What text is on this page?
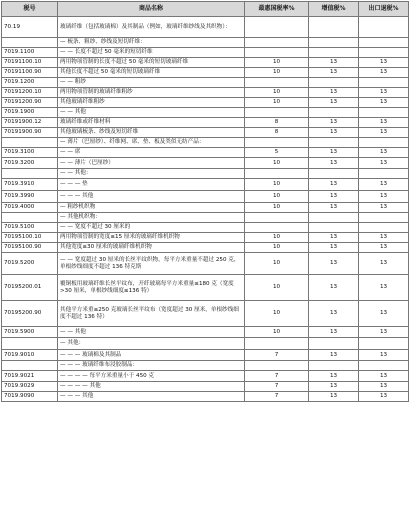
税号	商品名称	最惠国税率%	增值税%	出口退税%
70.19	玻璃纤维（包括玻璃棉）及其制品（例如，玻璃纤维纱线及其织物）：			
	— 梳条、粗纱、纱线及短切纤维：			
7019.1100	— — 长度不超过 50 毫米的短切纤维			
70191100.10	两用物项管制的长度不超过 50 毫米的短切玻璃纤维	10	13	13
70191100.90	其他长度不超过 50 毫米的短切玻璃纤维	10	13	13
7019.1200	— — 粗纱			
70191200.10	两用物项管制的玻璃纤维粗纱	10	13	13
70191200.90	其他玻璃纤维粗纱	10	13	13
7019.1900	— — 其他			
70191900.12	玻璃纤维或纤维材料	8	13	13
70191900.90	其他玻璃梳条、纱线及短切纤维	8	13	13
	— 薄片（巴厘纱）、纤维网、席、垫、板及类似无纺产品：			
7019.3100	— — 席	5	13	13
7019.3200	— — 薄片（巴厘纱）	10	13	13
	— — 其他：			
7019.3910	— — — 垫	10	13	13
7019.3990	— — — 其他	10	13	13
7019.4000	— 粗纱机织物	10	13	13
	— 其他机织物：			
7019.5100	— — 宽度不超过 30 厘米的			
70195100.10	两用物项管制的宽度≤15 厘米的玻璃纤维机织物	10	13	13
70195100.90	其他宽度≤30 厘米的玻璃纤维机织物	10	13	13
7019.5200	— — 宽度超过 30 厘米的长丝平纹织物，每平方米重量不超过 250 克，单根纱线细度不超过 136 特克斯	10	13	13
70195200.01	覆铜板用玻璃纤维长丝平纹布，开纤玻璃每平方米重量≤180 克（宽度>30 厘米，单根纱线细度≤136 特）	10	13	13
70195200.90	其他平方米重≤250 克玻璃长丝平纹布（宽度超过 30 厘米，单根纱线细度不超过 136 特）	10	13	13
7019.5900	— — 其他	10	13	13
	— 其他：			
7019.9010	— — — 玻璃棉及其制品	7	13	13
	— — — 玻璃纤维布浸胶制品：			
7019.9021	— — — — 每平方米重量小于 450 克	7	13	13
7019.9029	— — — — 其他	7	13	13
7019.9090	— — — 其他	7	13	13
